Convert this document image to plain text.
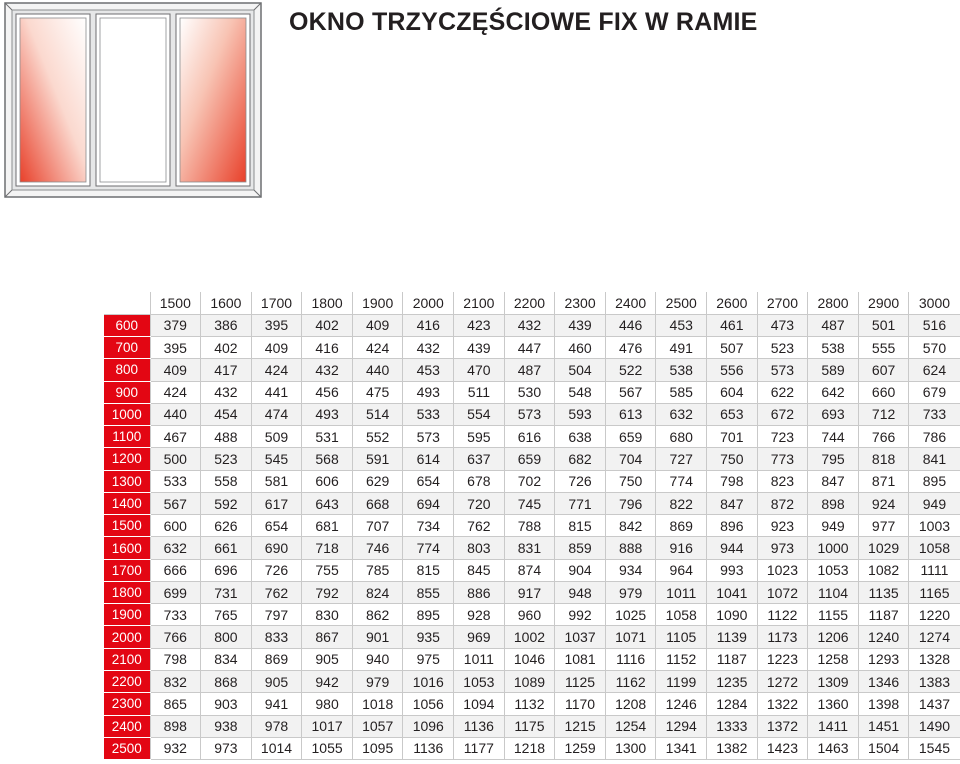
OKNO TRZYCZĘŚCIOWE FIX W RAMIE
	1500	1600	1700	1800	1900	2000	2100	2200	2300	2400	2500	2600	2700	2800	2900	3000
600	379	386	395	402	409	416	423	432	439	446	453	461	473	487	501	516
700	395	402	409	416	424	432	439	447	460	476	491	507	523	538	555	570
800	409	417	424	432	440	453	470	487	504	522	538	556	573	589	607	624
900	424	432	441	456	475	493	511	530	548	567	585	604	622	642	660	679
1000	440	454	474	493	514	533	554	573	593	613	632	653	672	693	712	733
1100	467	488	509	531	552	573	595	616	638	659	680	701	723	744	766	786
1200	500	523	545	568	591	614	637	659	682	704	727	750	773	795	818	841
1300	533	558	581	606	629	654	678	702	726	750	774	798	823	847	871	895
1400	567	592	617	643	668	694	720	745	771	796	822	847	872	898	924	949
1500	600	626	654	681	707	734	762	788	815	842	869	896	923	949	977	1003
1600	632	661	690	718	746	774	803	831	859	888	916	944	973	1000	1029	1058
1700	666	696	726	755	785	815	845	874	904	934	964	993	1023	1053	1082	1111
1800	699	731	762	792	824	855	886	917	948	979	1011	1041	1072	1104	1135	1165
1900	733	765	797	830	862	895	928	960	992	1025	1058	1090	1122	1155	1187	1220
2000	766	800	833	867	901	935	969	1002	1037	1071	1105	1139	1173	1206	1240	1274
2100	798	834	869	905	940	975	1011	1046	1081	1116	1152	1187	1223	1258	1293	1328
2200	832	868	905	942	979	1016	1053	1089	1125	1162	1199	1235	1272	1309	1346	1383
2300	865	903	941	980	1018	1056	1094	1132	1170	1208	1246	1284	1322	1360	1398	1437
2400	898	938	978	1017	1057	1096	1136	1175	1215	1254	1294	1333	1372	1411	1451	1490
2500	932	973	1014	1055	1095	1136	1177	1218	1259	1300	1341	1382	1423	1463	1504	1545
